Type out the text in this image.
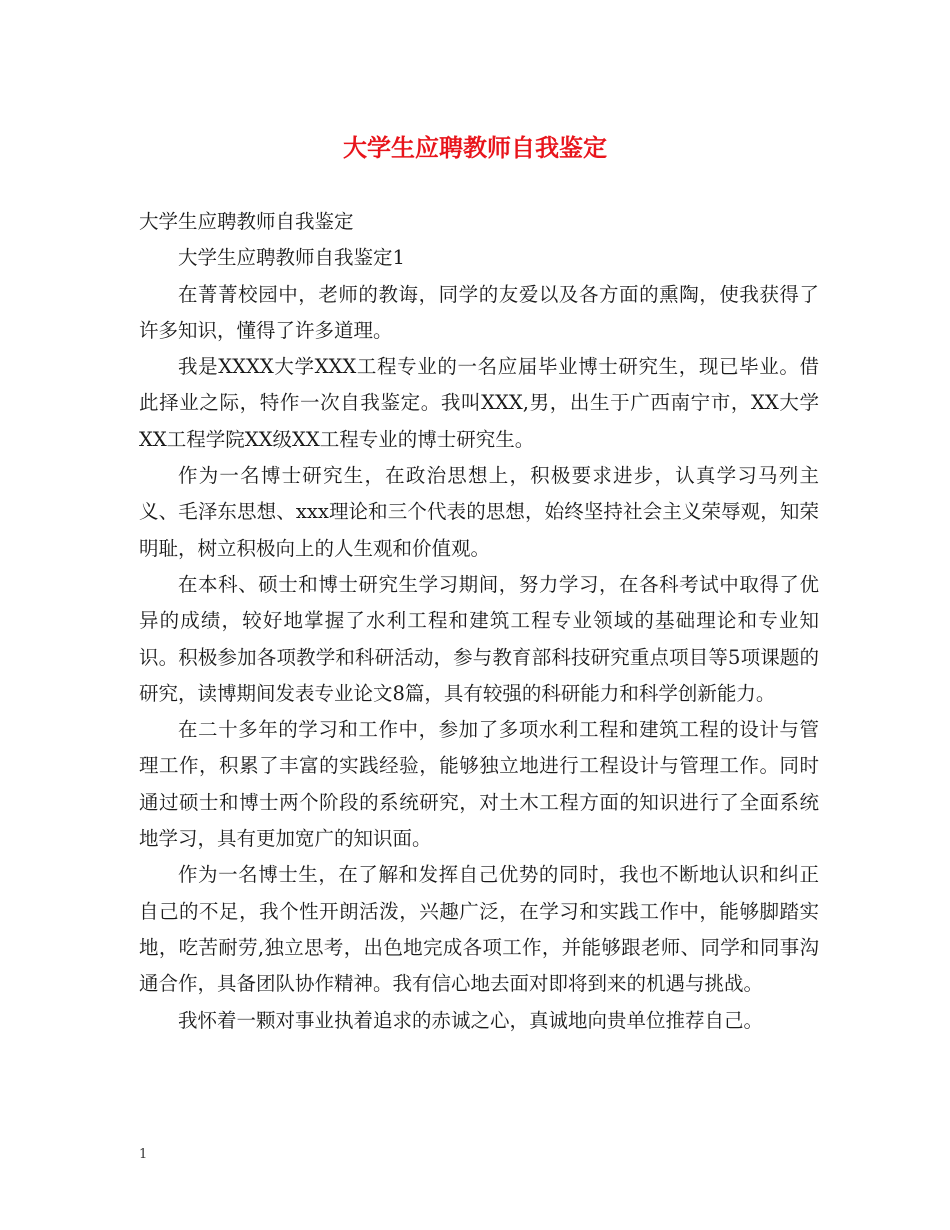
大学生应聘教师自我鉴定

大学生应聘教师自我鉴定

大学生应聘教师自我鉴定1

在菁菁校园中，老师的教诲，同学的友爱以及各方面的熏陶，使我获得了许多知识，懂得了许多道理。

我是XXXX大学XXX工程专业的一名应届毕业博士研究生，现已毕业。借此择业之际，特作一次自我鉴定。我叫XXX,男，出生于广西南宁市，XX大学XX工程学院XX级XX工程专业的博士研究生。

作为一名博士研究生，在政治思想上，积极要求进步，认真学习马列主义、毛泽东思想、xxx理论和三个代表的思想，始终坚持社会主义荣辱观，知荣明耻，树立积极向上的人生观和价值观。

在本科、硕士和博士研究生学习期间，努力学习，在各科考试中取得了优异的成绩，较好地掌握了水利工程和建筑工程专业领域的基础理论和专业知识。积极参加各项教学和科研活动，参与教育部科技研究重点项目等5项课题的研究，读博期间发表专业论文8篇，具有较强的科研能力和科学创新能力。

在二十多年的学习和工作中，参加了多项水利工程和建筑工程的设计与管理工作，积累了丰富的实践经验，能够独立地进行工程设计与管理工作。同时通过硕士和博士两个阶段的系统研究，对土木工程方面的知识进行了全面系统地学习，具有更加宽广的知识面。

作为一名博士生，在了解和发挥自己优势的同时，我也不断地认识和纠正自己的不足，我个性开朗活泼，兴趣广泛，在学习和实践工作中，能够脚踏实地，吃苦耐劳,独立思考，出色地完成各项工作，并能够跟老师、同学和同事沟通合作，具备团队协作精神。我有信心地去面对即将到来的机遇与挑战。

我怀着一颗对事业执着追求的赤诚之心，真诚地向贵单位推荐自己。

1
